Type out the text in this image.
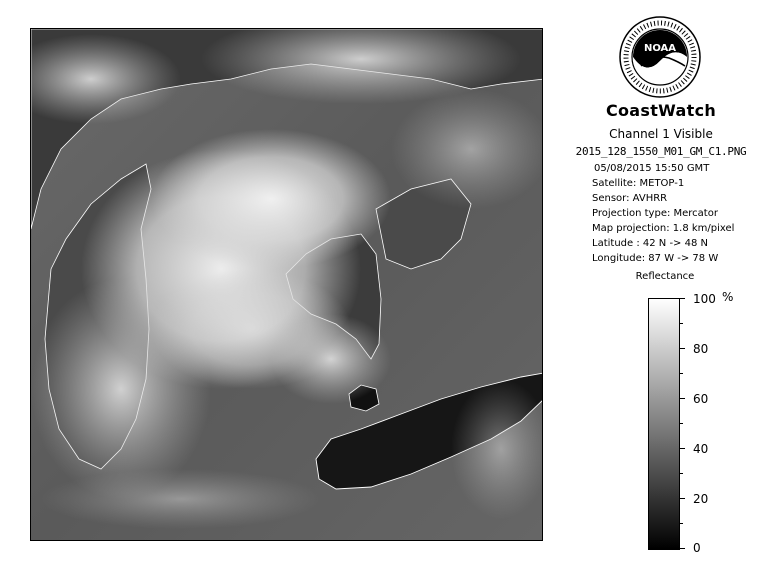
NOAA
CoastWatch
Channel 1 Visible
2015_128_1550_M01_GM_C1.PNG
05/08/2015 15:50 GMT
Satellite: METOP-1
Sensor: AVHRR
Projection type: Mercator
Map projection: 1.8 km/pixel
Latitude : 42 N -> 48 N
Longitude: 87 W -> 78 W
Reflectance
%
100
80
60
40
20
0
